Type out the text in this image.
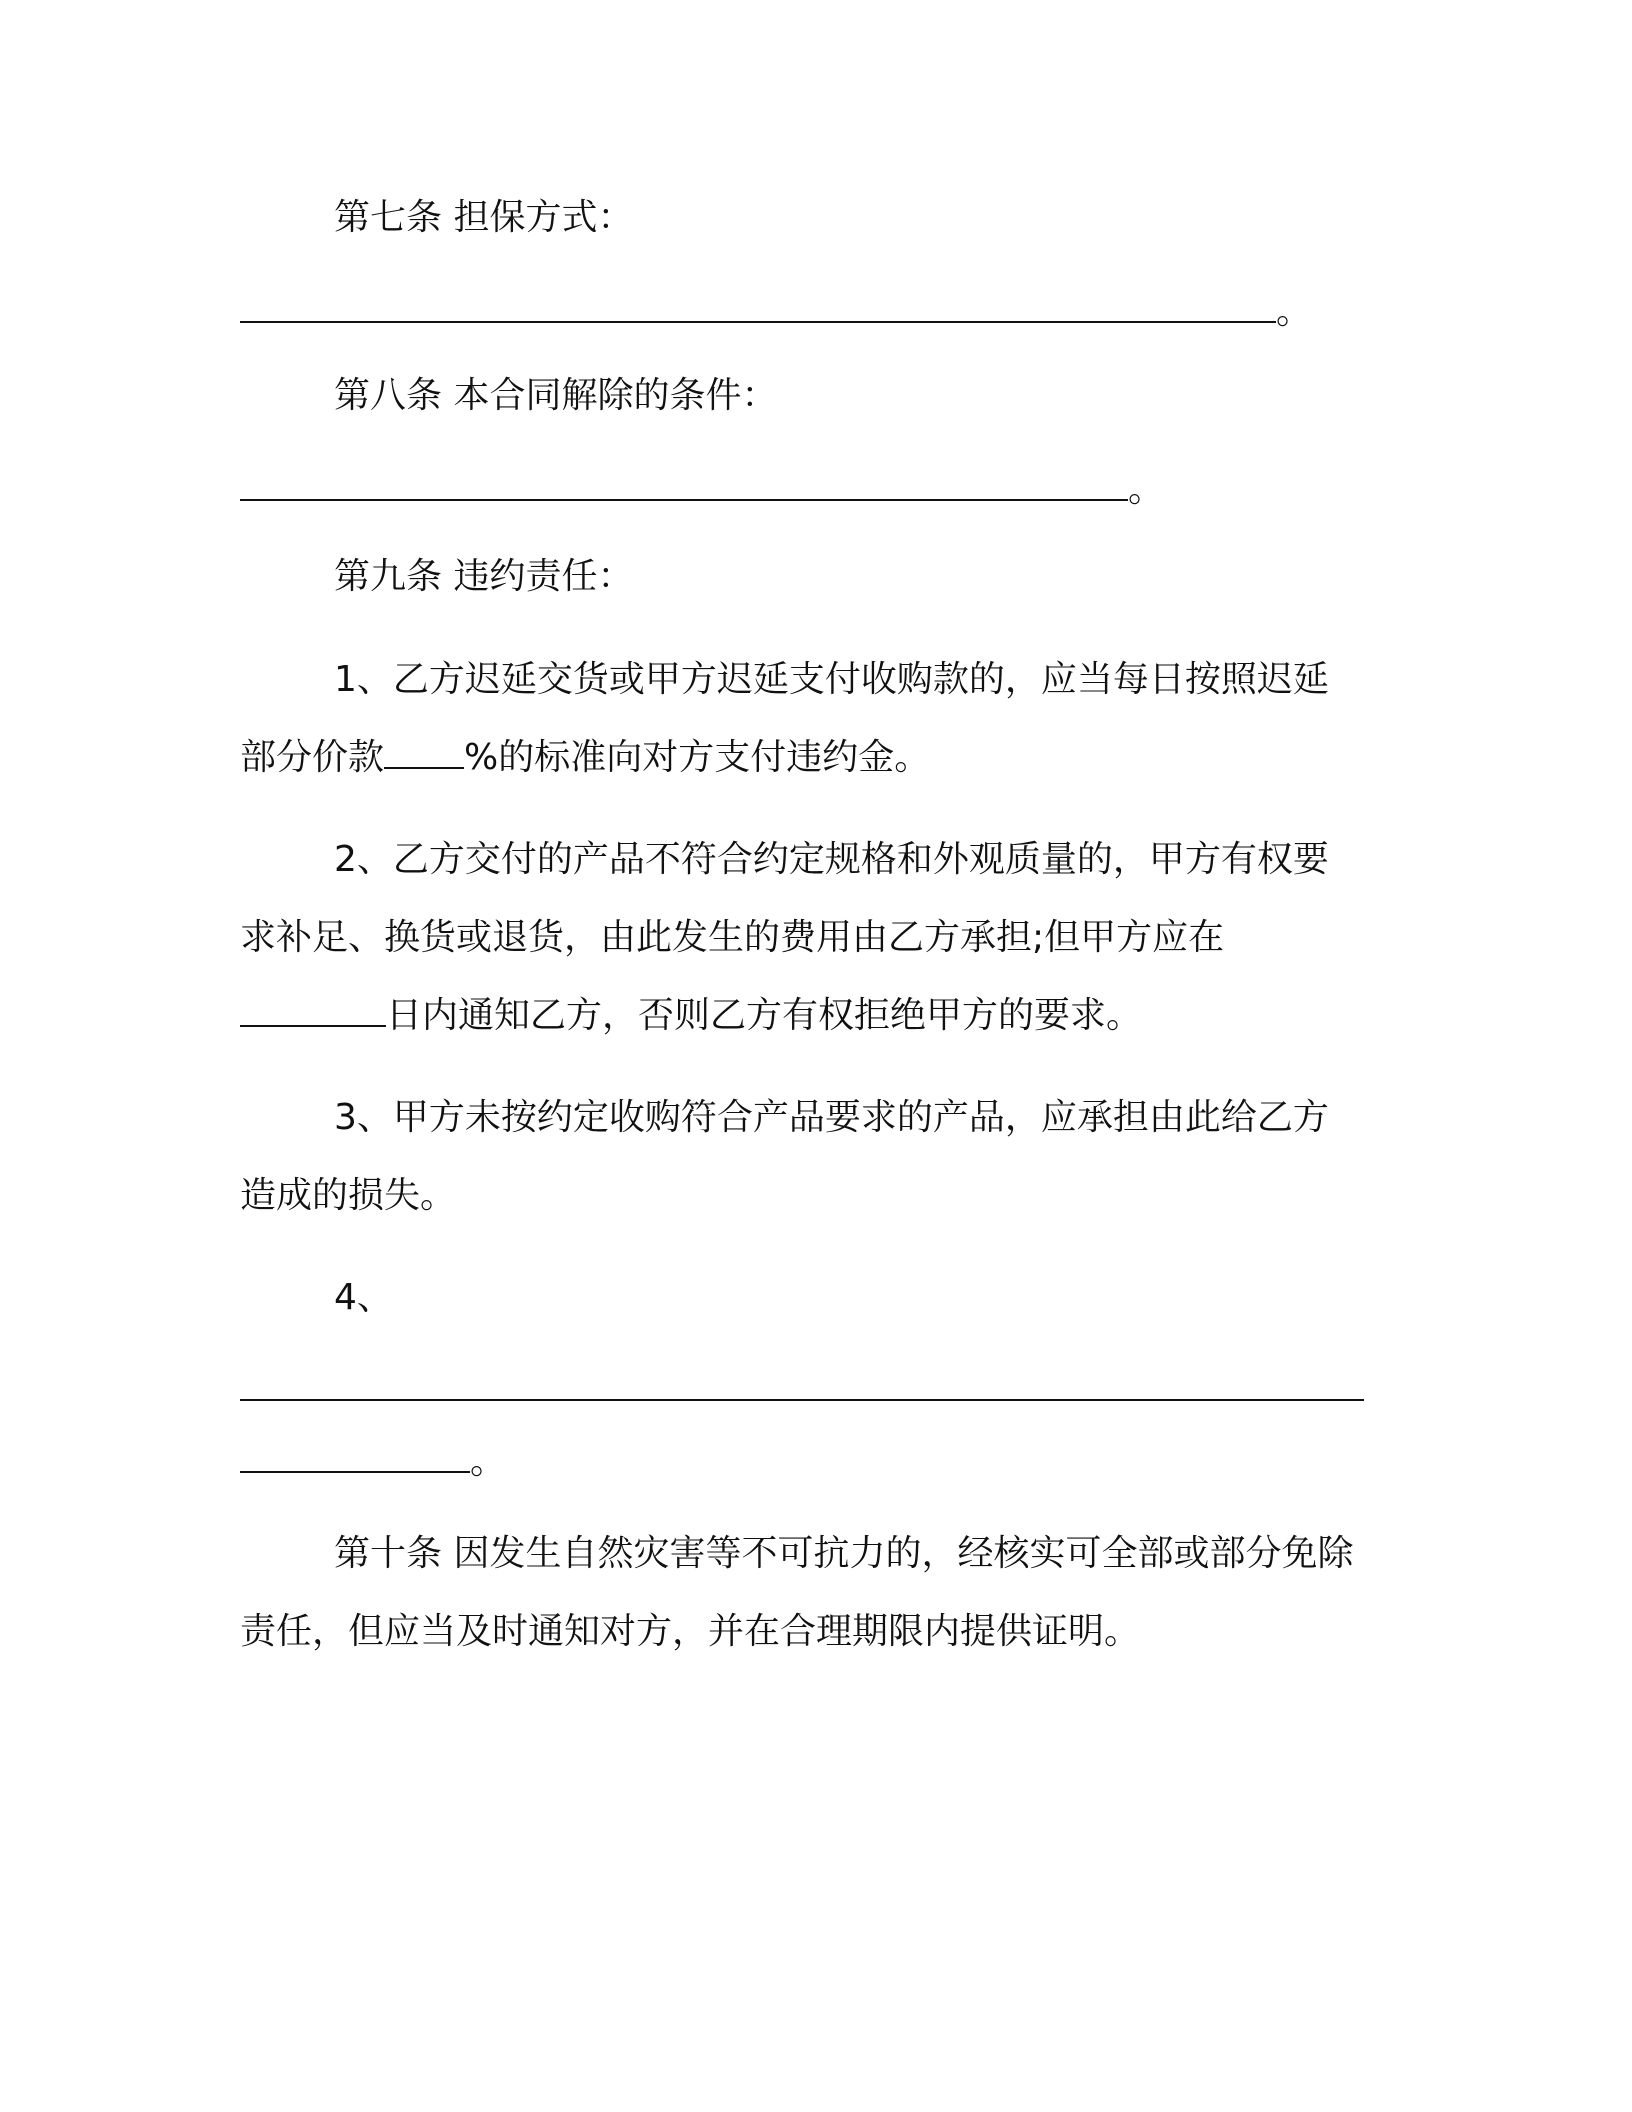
第七条 担保方式：
。
第八条 本合同解除的条件：
。
第九条 违约责任：
1、乙方迟延交货或甲方迟延支付收购款的，应当每日按照迟延
部分价款 %的标准向对方支付违约金。
2、乙方交付的产品不符合约定规格和外观质量的，甲方有权要
求补足、换货或退货，由此发生的费用由乙方承担;但甲方应在
日内通知乙方，否则乙方有权拒绝甲方的要求。
3、甲方未按约定收购符合产品要求的产品，应承担由此给乙方
造成的损失。
4、
。
第十条 因发生自然灾害等不可抗力的，经核实可全部或部分免除
责任，但应当及时通知对方，并在合理期限内提供证明。
